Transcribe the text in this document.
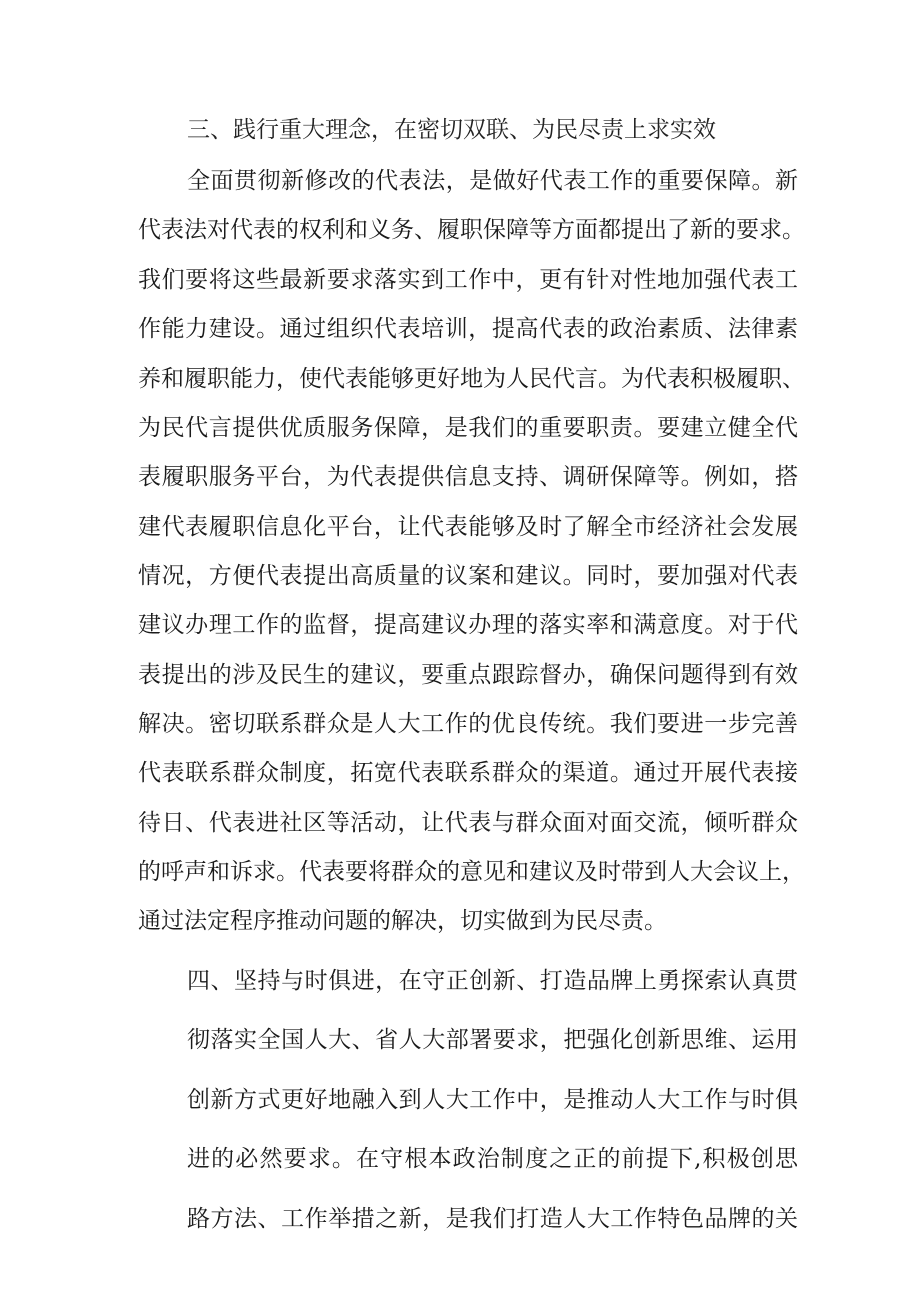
三、践行重大理念，在密切双联、为民尽责上求实效
全面贯彻新修改的代表法，是做好代表工作的重要保障。新
代表法对代表的权利和义务、履职保障等方面都提出了新的要求。
我们要将这些最新要求落实到工作中，更有针对性地加强代表工
作能力建设。通过组织代表培训，提高代表的政治素质、法律素
养和履职能力，使代表能够更好地为人民代言。为代表积极履职、
为民代言提供优质服务保障，是我们的重要职责。要建立健全代
表履职服务平台，为代表提供信息支持、调研保障等。例如，搭
建代表履职信息化平台，让代表能够及时了解全市经济社会发展
情况，方便代表提出高质量的议案和建议。同时，要加强对代表
建议办理工作的监督，提高建议办理的落实率和满意度。对于代
表提出的涉及民生的建议，要重点跟踪督办，确保问题得到有效
解决。密切联系群众是人大工作的优良传统。我们要进一步完善
代表联系群众制度，拓宽代表联系群众的渠道。通过开展代表接
待日、代表进社区等活动，让代表与群众面对面交流，倾听群众
的呼声和诉求。代表要将群众的意见和建议及时带到人大会议上，
通过法定程序推动问题的解决，切实做到为民尽责。
四、坚持与时俱进，在守正创新、打造品牌上勇探索认真贯
彻落实全国人大、省人大部署要求，把强化创新思维、运用
创新方式更好地融入到人大工作中，是推动人大工作与时俱
进的必然要求。在守根本政治制度之正的前提下,积极创思
路方法、工作举措之新，是我们打造人大工作特色品牌的关
